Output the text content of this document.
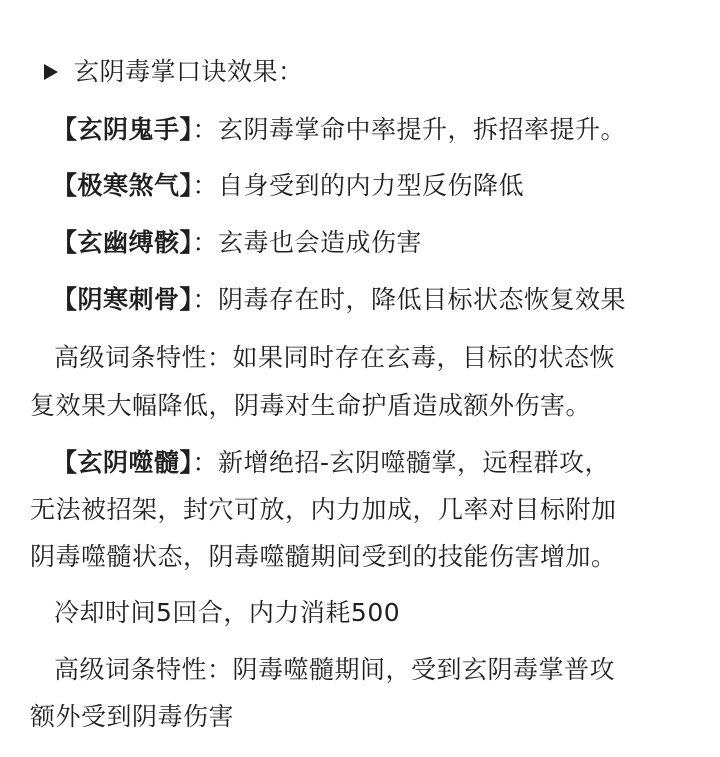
玄阴毒掌口诀效果：
【玄阴鬼手】：玄阴毒掌命中率提升，拆招率提升。
【极寒煞气】：自身受到的内力型反伤降低
【玄幽缚骸】：玄毒也会造成伤害
【阴寒刺骨】：阴毒存在时，降低目标状态恢复效果
高级词条特性：如果同时存在玄毒，目标的状态恢
复效果大幅降低，阴毒对生命护盾造成额外伤害。
【玄阴噬髓】：新增绝招-玄阴噬髓掌，远程群攻，
无法被招架，封穴可放，内力加成，几率对目标附加
阴毒噬髓状态，阴毒噬髓期间受到的技能伤害增加。
冷却时间5回合，内力消耗500
高级词条特性：阴毒噬髓期间，受到玄阴毒掌普攻
额外受到阴毒伤害
